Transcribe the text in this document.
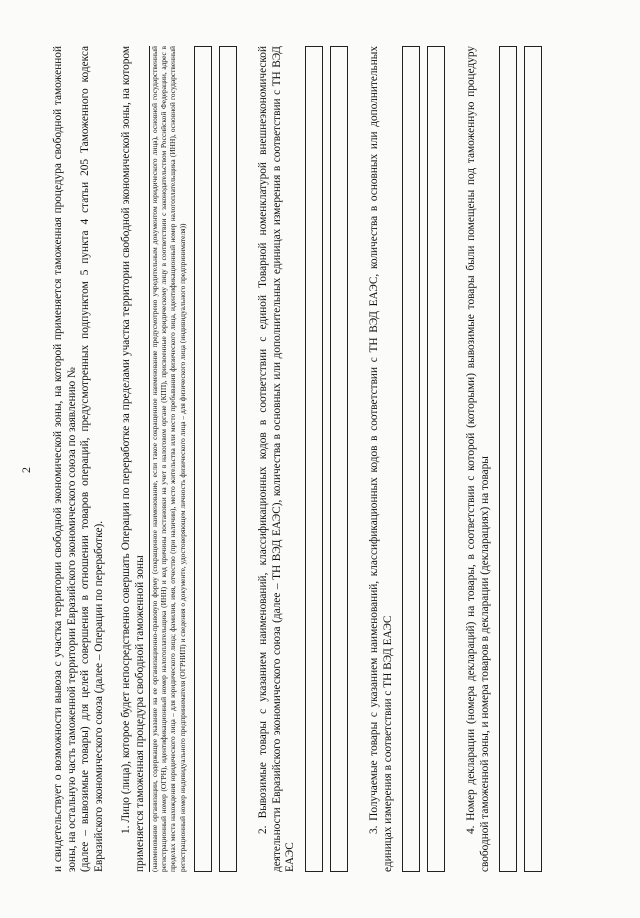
2 и свидетельствует о возможности вывоза с участка территории свободной экономической зоны, на которой применяется таможенная процедура свободной таможенной зоны, на остальную часть таможенной территории Евразийского экономического союза по заявлению № (далее – вывозимые товары) для целей совершения в отношении товаров операций, предусмотренных подпунктом 5 пункта 4 статьи 205 Таможенного кодекса Евразийского экономического союза (далее – Операции по переработке). 1. Лицо (лица), которое будет непосредственно совершать Операции по переработке за пределами участка территории свободной экономической зоны, на котором применяется таможенная процедура свободной таможенной зоны (наименование организации, содержащее указание на ее организационно-правовую форму (сокращенное наименование, если такое сокращенное наименование предусмотрено учредительным документом юридического лица), основной государственный регистрационный номер (ОГРН), идентификационный номер налогоплательщика (ИНН) и код причины постановки на учет в налоговом органе (КПП), присвоенные юридическому лицу в соответствии с законодательством Российской Федерации, адрес в пределах места нахождения юридического лица – для юридического лица; фамилия, имя, отчество (при наличии), место жительства или место пребывания физического лица, идентификационный номер налогоплательщика (ИНН), основной государственный регистрационный номер индивидуального предпринимателя (ОГРНИП) и сведения о документе, удостоверяющем личность физического лица – для физического лица (индивидуального предпринимателя))	2. Вывозимые товары с указанием наименований, классификационных кодов в соответствии с единой Товарной номенклатурой внешнеэкономической деятельности Евразийского экономического союза (далее – ТН ВЭД ЕАЭС), количества в основных или дополнительных единицах измерения в соответствии с ТН ВЭД ЕАЭС

3. Получаемые товары с указанием наименований, классификационных кодов в соответствии с ТН ВЭД ЕАЭС, количества в основных или дополнительных единицах измерения в соответствии с ТН ВЭД ЕАЭС	4. Номер декларации (номера деклараций) на товары, в соответствии с которой (которыми) вывозимые товары были помещены под таможенную процедуру свободной таможенной зоны, и номера товаров в декларации (декларациях) на товары
